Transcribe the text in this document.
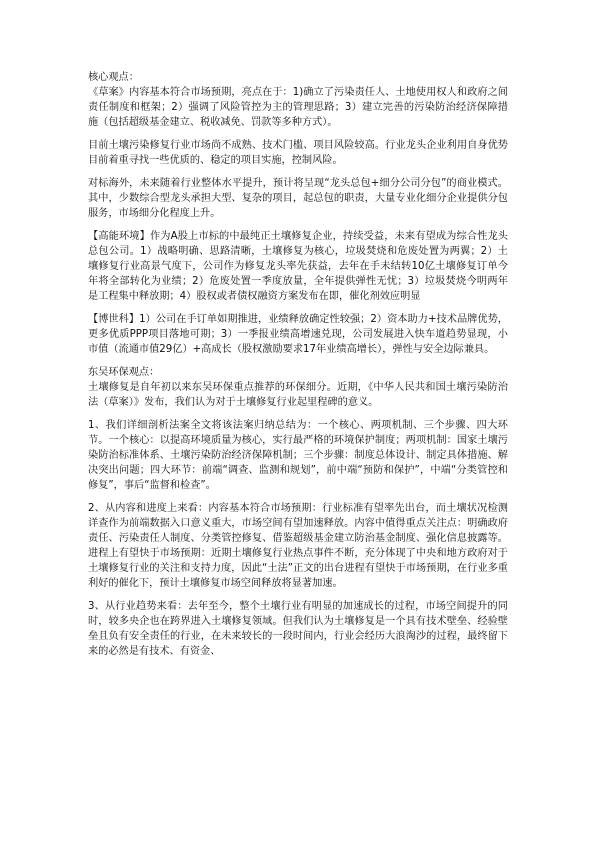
核心观点：

《草案》内容基本符合市场预期，亮点在于：1)确立了污染责任人、土地使用权人和政府之间责任制度和框架；2）强调了风险管控为主的管理思路；3）建立完善的污染防治经济保障措施（包括超级基金建立、税收减免、罚款等多种方式）。

目前土壤污染修复行业市场尚不成熟、技术门槛、项目风险较高。行业龙头企业利用自身优势目前着重寻找一些优质的、稳定的项目实施，控制风险。

对标海外，未来随着行业整体水平提升，预计将呈现“龙头总包+细分公司分包”的商业模式。其中，少数综合型龙头承担大型、复杂的项目，起总包的职责，大量专业化细分企业提供分包服务，市场细分化程度上升。

【高能环境】作为A股上市标的中最纯正土壤修复企业，持续受益，未来有望成为综合性龙头总包公司。1）战略明确、思路清晰，土壤修复为核心，垃圾焚烧和危废处置为两翼；2）土壤修复行业高景气度下，公司作为修复龙头率先获益，去年在手未结转10亿土壤修复订单今年将全部转化为业绩；2）危废处置一季度放量，全年提供弹性无忧；3）垃圾焚烧今明两年是工程集中释放期；4）股权或者债权融资方案发布在即，催化剂效应明显

【博世科】1）公司在手订单如期推进，业绩释放确定性较强；2）资本助力+技术品牌优势，更多优质PPP项目落地可期；3）一季报业绩高增速兑现，公司发展进入快车道趋势显现，小市值（流通市值29亿）+高成长（股权激励要求17年业绩高增长），弹性与安全边际兼具。

东吴环保观点：

土壤修复是自年初以来东吴环保重点推荐的环保细分。近期，《中华人民共和国土壤污染防治法（草案）》发布，我们认为对于土壤修复行业起里程碑的意义。

1、我们详细剖析法案全文将该法案归纳总结为：一个核心、两项机制、三个步骤、四大环节。一个核心：以提高环境质量为核心，实行最严格的环境保护制度；两项机制：国家土壤污染防治标准体系、土壤污染防治经济保障机制；三个步骤：制度总体设计、制定具体措施、解决突出问题；四大环节：前端“调查、监测和规划”，前中端“预防和保护”，中端“分类管控和修复”，事后“监督和检查”。

2、从内容和进度上来看：内容基本符合市场预期：行业标准有望率先出台，而土壤状况检测详查作为前端数据入口意义重大，市场空间有望加速释放。内容中值得重点关注点：明确政府责任、污染责任人制度、分类管控修复、借鉴超级基金建立防治基金制度、强化信息披露等。进程上有望快于市场预期：近期土壤修复行业热点事件不断，充分体现了中央和地方政府对于土壤修复行业的关注和支持力度，因此“土法”正文的出台进程有望快于市场预期，在行业多重利好的催化下，预计土壤修复市场空间释放将显著加速。

3、从行业趋势来看：去年至今，整个土壤行业有明显的加速成长的过程，市场空间提升的同时，较多央企也在跨界进入土壤修复领域。但我们认为土壤修复是一个具有技术壁垒、经验壁垒且负有安全责任的行业，在未来较长的一段时间内，行业会经历大浪淘沙的过程，最终留下来的必然是有技术、有资金、
